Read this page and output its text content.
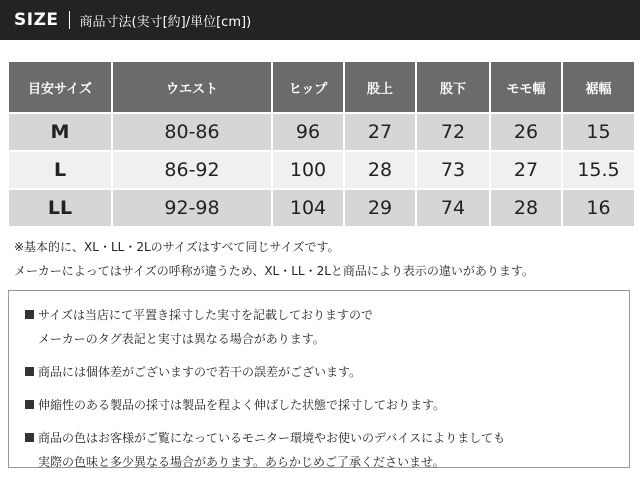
SIZE 商品寸法(実寸[約]/単位[cm])
目安サイズ	ウエスト	ヒップ	股上	股下	モモ幅	裾幅
M	80-86	96	27	72	26	15
L	86-92	100	28	73	27	15.5
LL	92-98	104	29	74	28	16
※基本的に、XL・LL・2Lのサイズはすべて同じサイズです。
メーカーによってはサイズの呼称が違うため、XL・LL・2Lと商品により表示の違いがあります。
サイズは当店にて平置き採寸した実寸を記載しておりますので
メーカーのタグ表記と実寸は異なる場合があります。
商品には個体差がございますので若干の誤差がございます。
伸縮性のある製品の採寸は製品を程よく伸ばした状態で採寸しております。
商品の色はお客様がご覧になっているモニター環境やお使いのデバイスによりましても
実際の色味と多少異なる場合があります。あらかじめご了承くださいませ。
